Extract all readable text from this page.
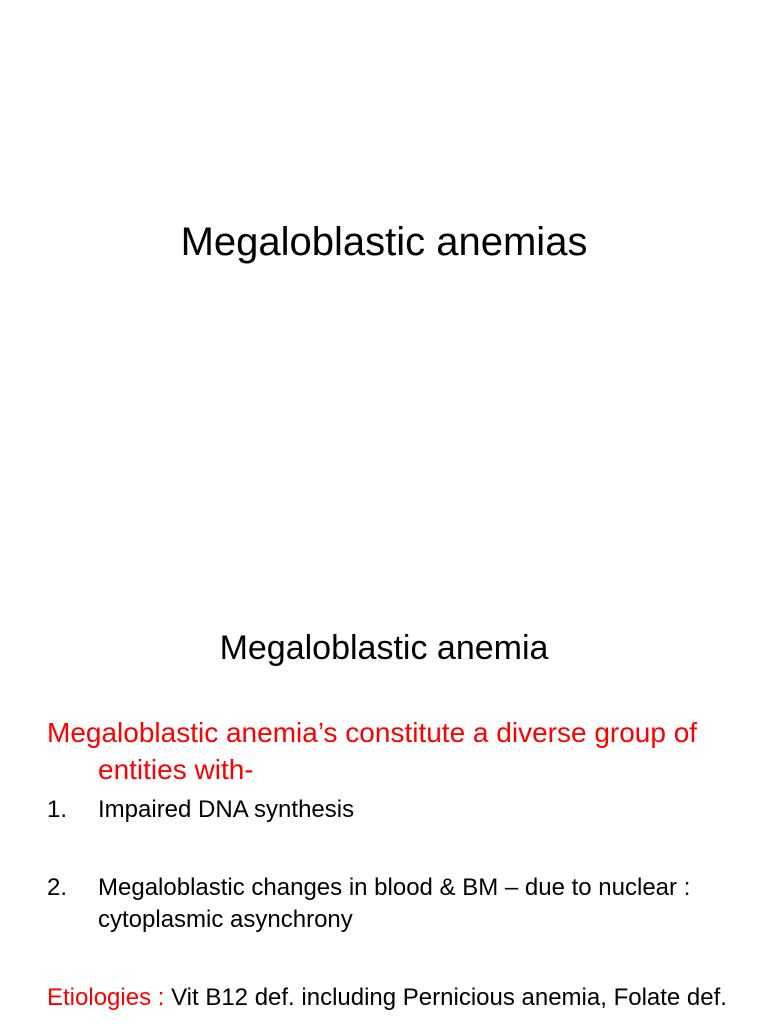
Megaloblastic anemias
Megaloblastic anemia
Megaloblastic anemia’s constitute a diverse group of entities with-
1.	Impaired DNA synthesis
2.	Megaloblastic changes in blood & BM – due to nuclear : cytoplasmic asynchrony
Etiologies : Vit B12 def. including Pernicious anemia, Folate def.
